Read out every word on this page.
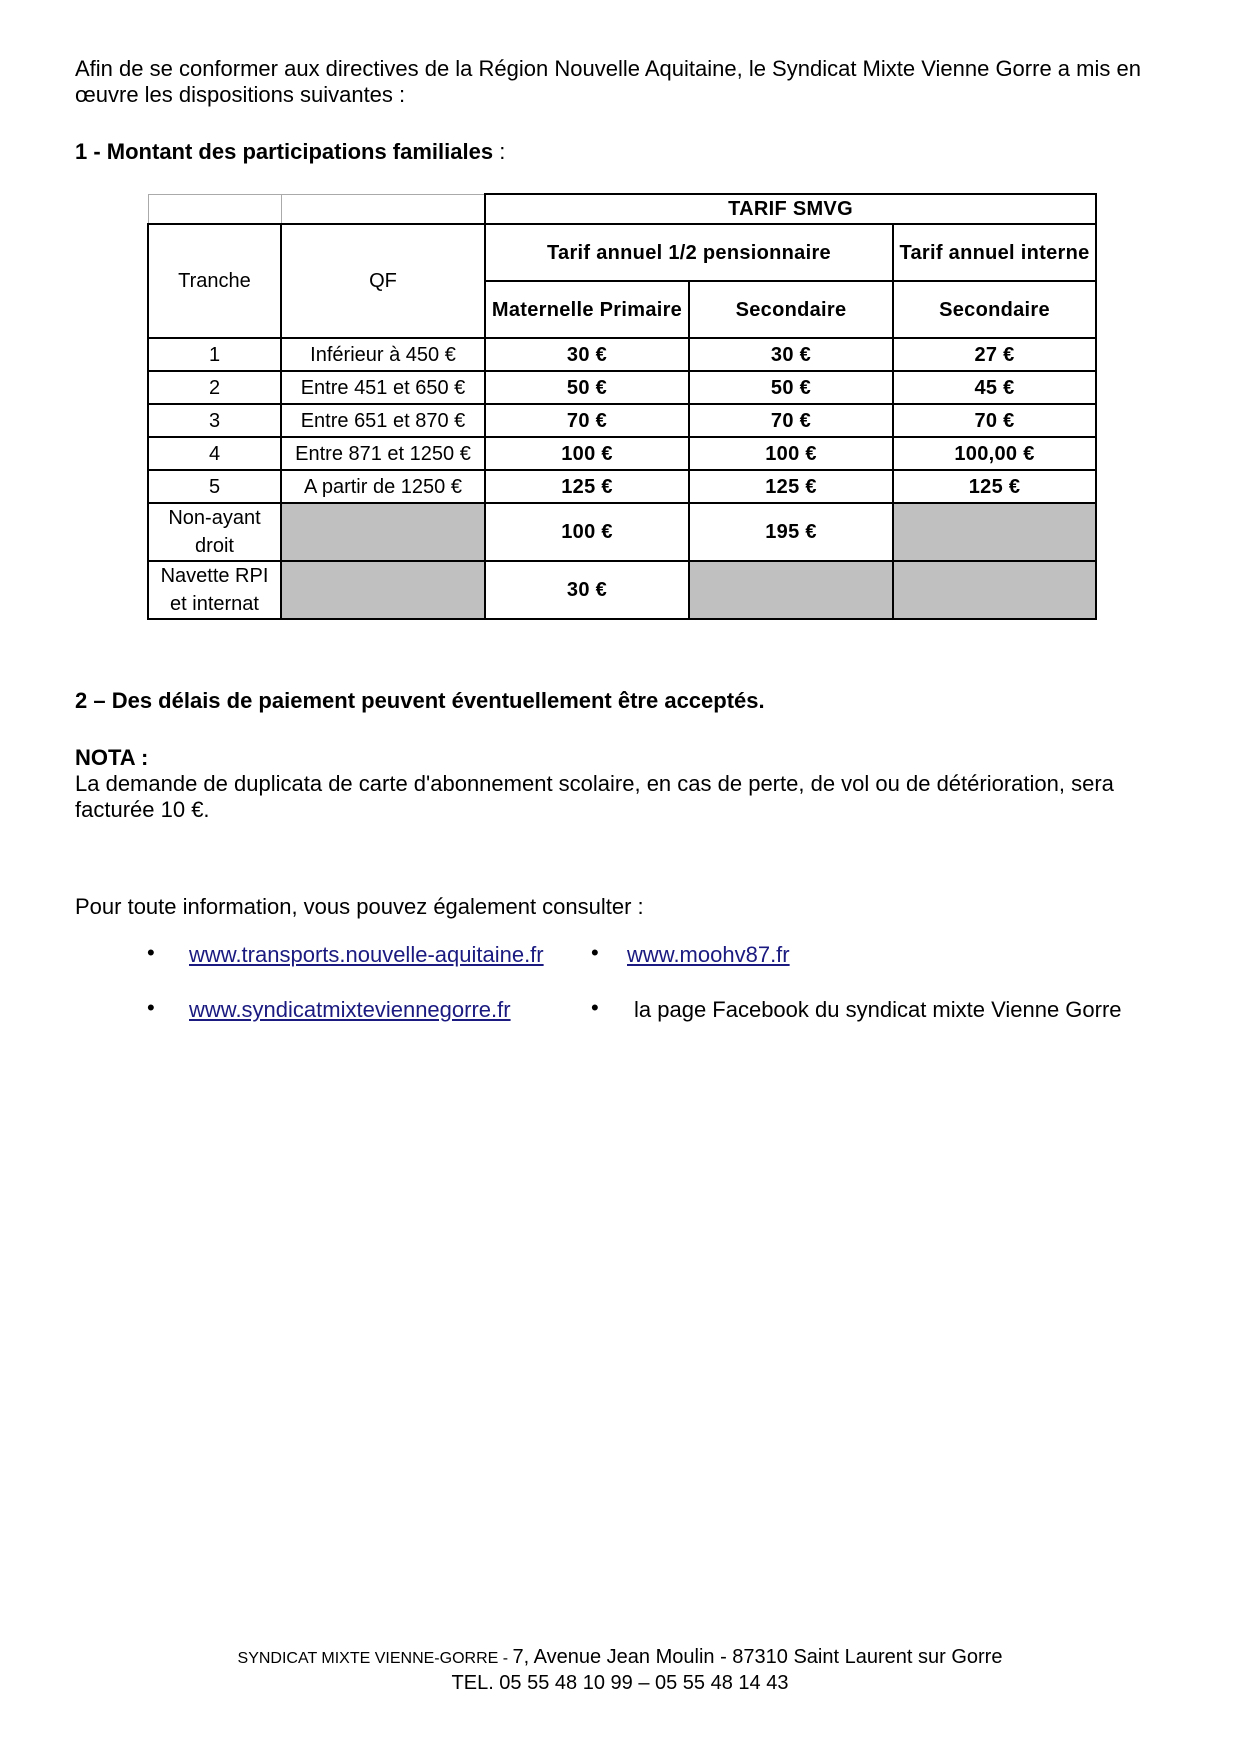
Afin de se conformer aux directives de la Région Nouvelle Aquitaine, le Syndicat Mixte Vienne Gorre a mis en œuvre les dispositions suivantes :

1 - Montant des participations familiales :

		TARIF SMVG		
Tranche	QF	Tarif annuel 1/2 pensionnaire		Tarif annuel interne
		Maternelle Primaire	Secondaire	Secondaire
1	Inférieur à 450 €	30 €	30 €	27 €
2	Entre 451 et 650 €	50 €	50 €	45 €
3	Entre 651 et 870 €	70 €	70 €	70 €
4	Entre 871 et 1250 €	100 €	100 €	100,00 €
5	A partir de 1250 €	125 €	125 €	125 €
Non-ayant droit		100 €	195 €	
Navette RPI et internat		30 €		

2 – Des délais de paiement peuvent éventuellement être acceptés.

NOTA :

La demande de duplicata de carte d'abonnement scolaire, en cas de perte, de vol ou de détérioration, sera facturée 10 €.

Pour toute information, vous pouvez également consulter :

• www.transports.nouvelle-aquitaine.fr • www.moohv87.fr
• www.syndicatmixteviennegorre.fr	• la page Facebook du syndicat mixte Vienne Gorre
SYNDICAT MIXTE VIENNE-GORRE - 7, Avenue Jean Moulin - 87310 Saint Laurent sur Gorre
TEL. 05 55 48 10 99 – 05 55 48 14 43
